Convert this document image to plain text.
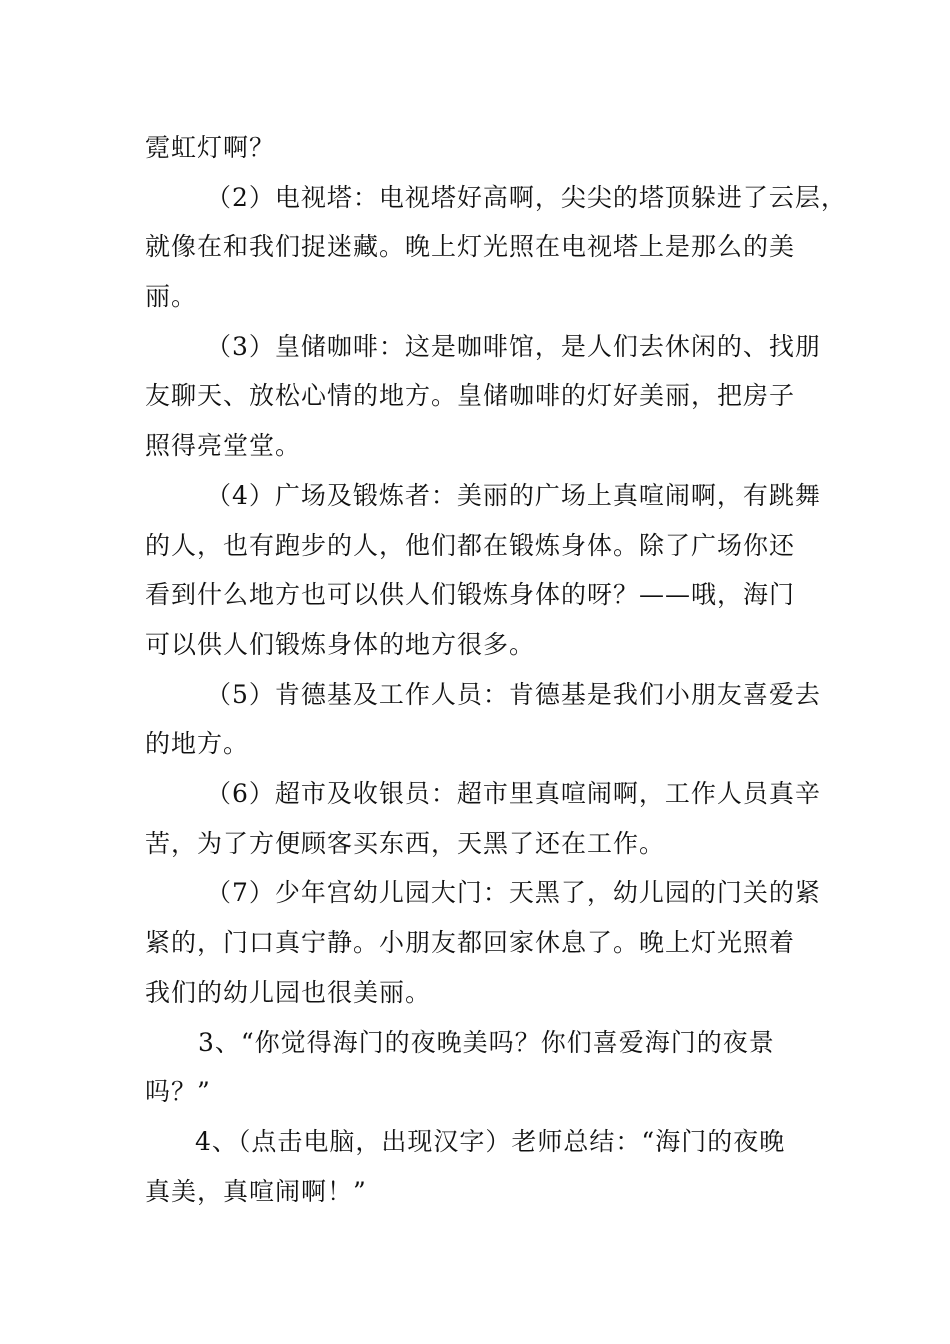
霓虹灯啊？
（2）电视塔：电视塔好高啊，尖尖的塔顶躲进了云层，
就像在和我们捉迷藏。晚上灯光照在电视塔上是那么的美
丽。
（3）皇储咖啡：这是咖啡馆，是人们去休闲的、找朋
友聊天、放松心情的地方。皇储咖啡的灯好美丽，把房子
照得亮堂堂。
（4）广场及锻炼者：美丽的广场上真喧闹啊，有跳舞
的人，也有跑步的人，他们都在锻炼身体。除了广场你还
看到什么地方也可以供人们锻炼身体的呀？——哦，海门
可以供人们锻炼身体的地方很多。
（5）肯德基及工作人员：肯德基是我们小朋友喜爱去
的地方。
（6）超市及收银员：超市里真喧闹啊，工作人员真辛
苦，为了方便顾客买东西，天黑了还在工作。
（7）少年宫幼儿园大门：天黑了，幼儿园的门关的紧
紧的，门口真宁静。小朋友都回家休息了。晚上灯光照着
我们的幼儿园也很美丽。
3、“你觉得海门的夜晚美吗？你们喜爱海门的夜景
吗？”
4、（点击电脑，出现汉字）老师总结：“海门的夜晚
真美，真喧闹啊！”
